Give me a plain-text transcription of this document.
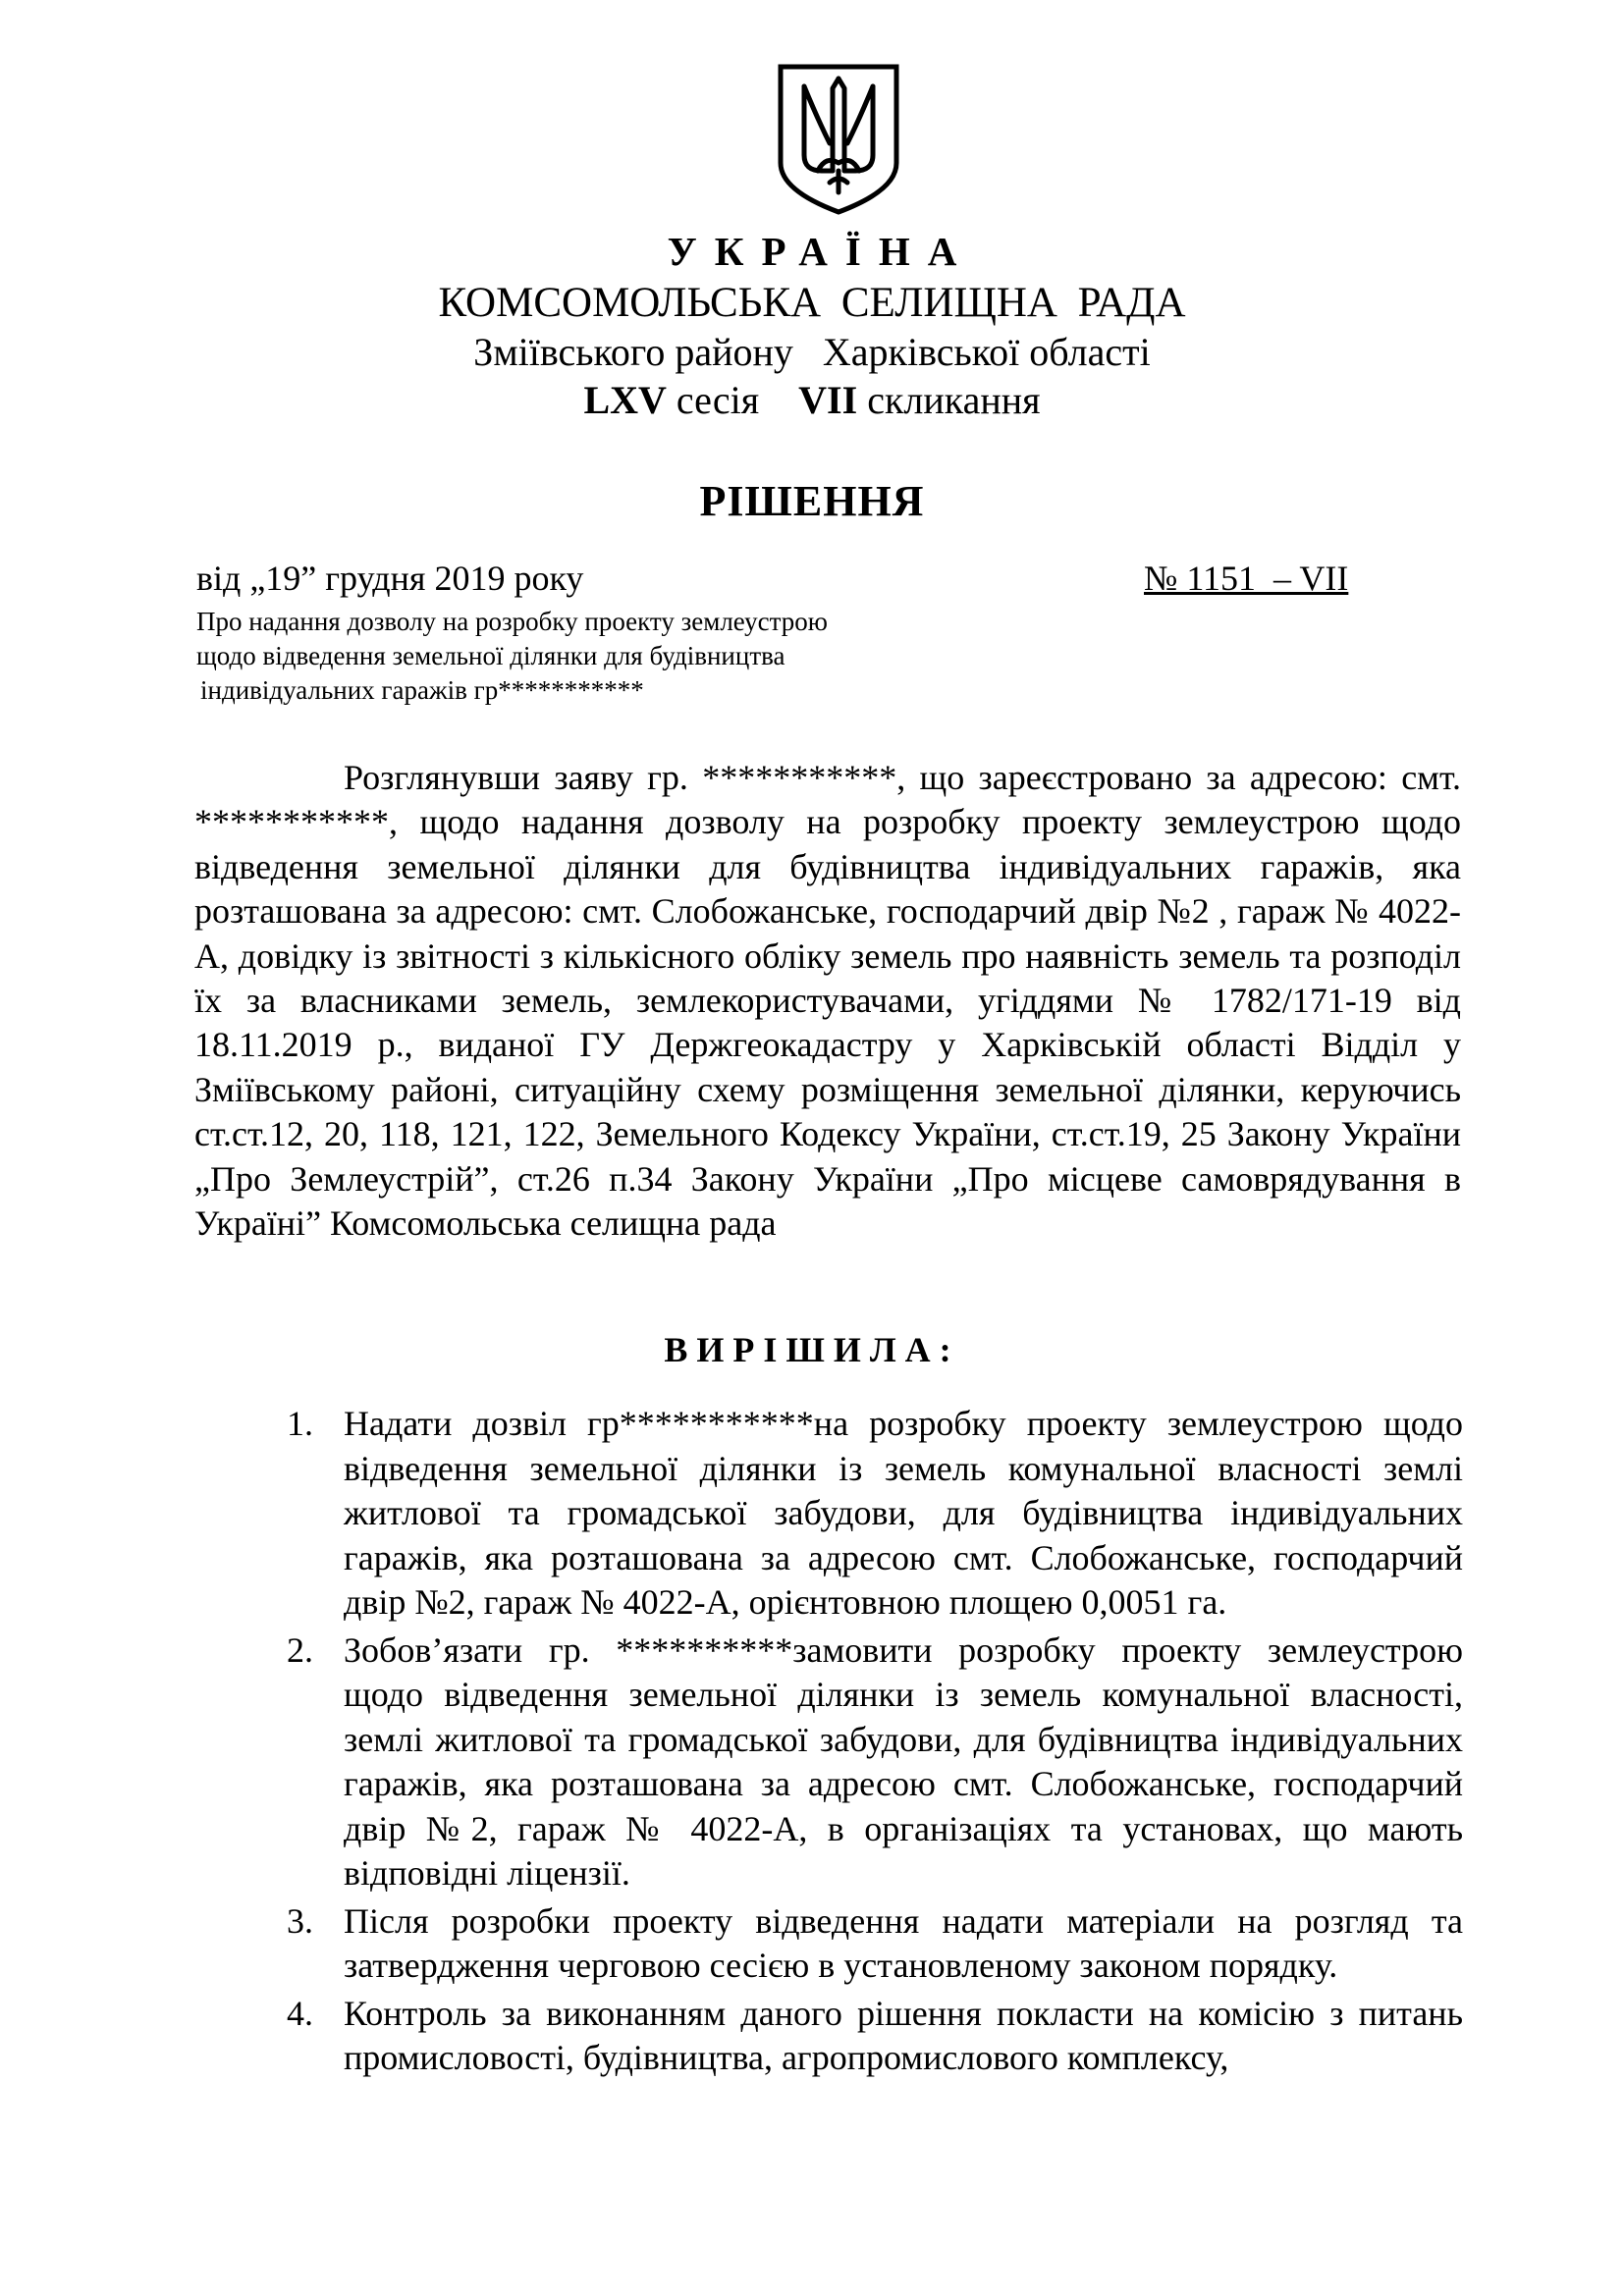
УКРАЇНА
КОМСОМОЛЬСЬКА СЕЛИЩНА РАДА
Зміївського району Харківської області
LXV сесія VII скликання
РІШЕННЯ
від „19” грудня 2019 року	№ 1151  – VII
Про надання дозволу на розробку проекту землеустрою
щодо відведення земельної ділянки для будівництва
індивідуальних гаражів гр***********
Розглянувши заяву гр. ***********, що зареєстровано за адресою: смт. ***********, щодо надання дозволу на розробку проекту землеустрою щодо відведення земельної ділянки для будівництва індивідуальних гаражів, яка розташована за адресою: смт. Слобожанське, господарчий двір №2 , гараж № 4022-А, довідку із звітності з кількісного обліку земель про наявність земель та розподіл їх за власниками земель, землекористувачами, угіддями № 1782/171-19 від 18.11.2019 р., виданої ГУ Держгеокадастру у Харківській області Відділ у Зміївському районі, ситуаційну схему розміщення земельної ділянки, керуючись ст.ст.12, 20, 118, 121, 122, Земельного Кодексу України, ст.ст.19, 25 Закону України „Про Землеустрій”, ст.26 п.34 Закону України „Про місцеве самоврядування в Україні” Комсомольська селищна рада
ВИРІШИЛА:
1. Надати дозвіл гр***********на розробку проекту землеустрою щодо відведення земельної ділянки із земель комунальної власності землі житлової та громадської забудови, для будівництва індивідуальних гаражів, яка розташована за адресою смт. Слобожанське, господарчий двір №2, гараж № 4022-А, орієнтовною площею 0,0051 га.
2. Зобов’язати гр. **********замовити розробку проекту землеустрою щодо відведення земельної ділянки із земель комунальної власності, землі житлової та громадської забудови, для будівництва індивідуальних гаражів, яка розташована за адресою смт. Слобожанське, господарчий двір №2, гараж № 4022-А, в організаціях та установах, що мають відповідні ліцензії.
3. Після розробки проекту відведення надати матеріали на розгляд та затвердження черговою сесією в установленому законом порядку.
4. Контроль за виконанням даного рішення покласти на комісію з питань промисловості, будівництва, агропромислового комплексу,
